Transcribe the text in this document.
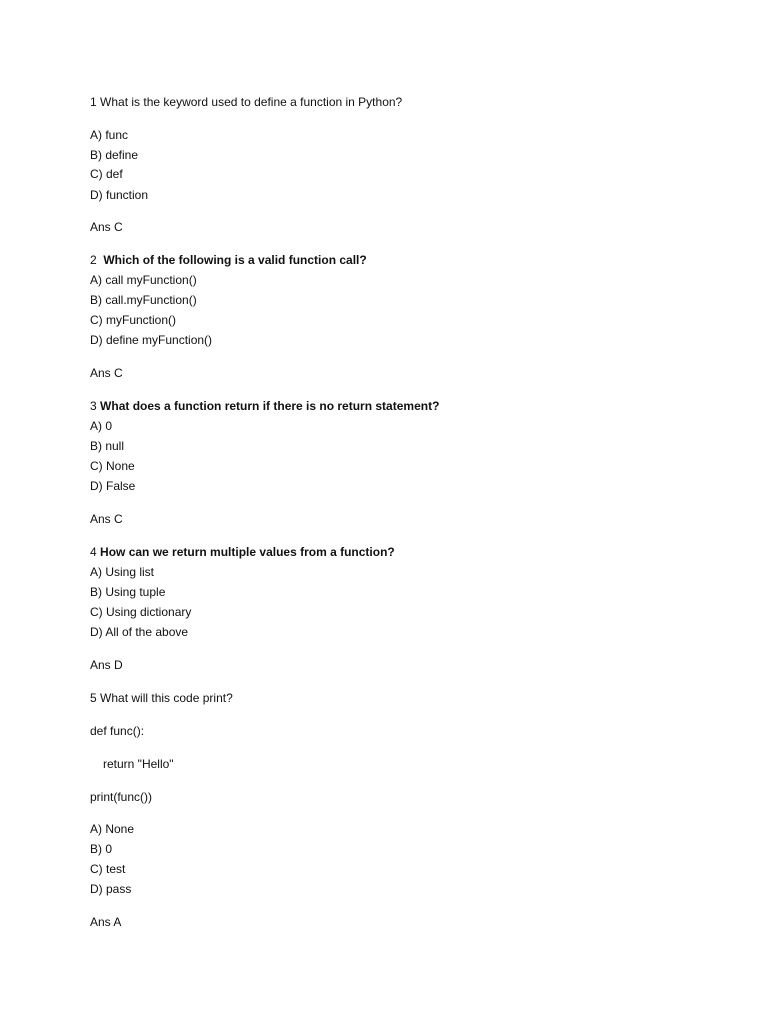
1 What is the keyword used to define a function in Python?
A) func
B) define
C) def
D) function
Ans C
2 Which of the following is a valid function call?
A) call myFunction()
B) call.myFunction()
C) myFunction()
D) define myFunction()
Ans C
3 What does a function return if there is no return statement?
A) 0
B) null
C) None
D) False
Ans C
4 How can we return multiple values from a function?
A) Using list
B) Using tuple
C) Using dictionary
D) All of the above
Ans D
5 What will this code print?
def func():
return "Hello"
print(func())
A) None
B) 0
C) test
D) pass
Ans A
